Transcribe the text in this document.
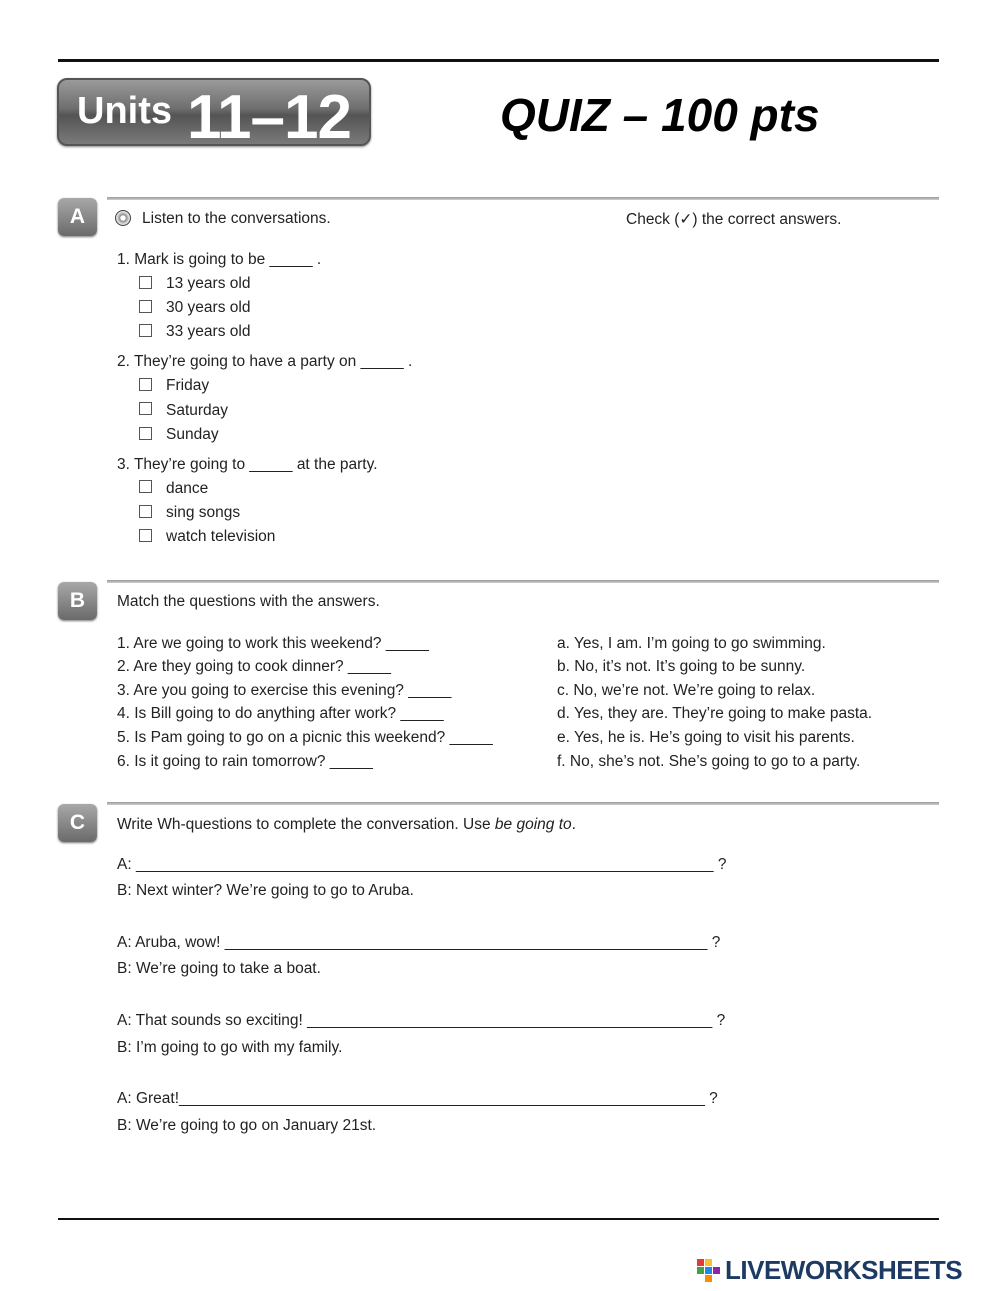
Units 11–12	QUIZ – 100 pts
A	Listen to the conversations.	Check (✓) the correct answers.
1. Mark is going to be _____ .
13 years old
30 years old
33 years old
2. They’re going to have a party on _____ .
Friday
Saturday
Sunday
3. They’re going to _____ at the party.
dance
sing songs
watch television
B	Match the questions with the answers.
1. Are we going to work this weekend? _____
2. Are they going to cook dinner? _____
3. Are you going to exercise this evening? _____
4. Is Bill going to do anything after work? _____
5. Is Pam going to go on a picnic this weekend? _____
6. Is it going to rain tomorrow? _____
a. Yes, I am. I’m going to go swimming.
b. No, it’s not. It’s going to be sunny.
c. No, we’re not. We’re going to relax.
d. Yes, they are. They’re going to make pasta.
e. Yes, he is. He’s going to visit his parents.
f. No, she’s not. She’s going to go to a party.
C	Write Wh-questions to complete the conversation. Use be going to.
A: ___________________________________________________________________ ?
B: Next winter? We’re going to go to Aruba.
A: Aruba, wow! ________________________________________________________ ?
B: We’re going to take a boat.
A: That sounds so exciting! _______________________________________________ ?
B: I’m going to go with my family.
A: Great!_____________________________________________________________ ?
B: We’re going to go on January 21st.
LIVEWORKSHEETS
